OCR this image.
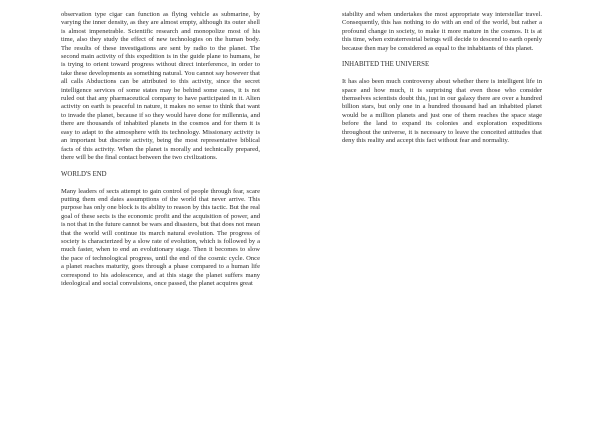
observation type cigar can function as flying vehicle as submarine, by varying the inner density, as they are almost empty, although its outer shell is almost impenetrable. Scientific research and monopolize most of his time, also they study the effect of new technologies on the human body. The results of these investigations are sent by radio to the planet. The second main activity of this expedition is in the guide plane to humans, he is trying to orient toward progress without direct interference, in order to take these developments as something natural. You cannot say however that all calls Abductions can be attributed to this activity, since the secret intelligence services of some states may be behind some cases, it is not ruled out that any pharmaceutical company to have participated in it. Alien activity on earth is peaceful in nature, it makes no sense to think that want to invade the planet, because if so they would have done for millennia, and there are thousands of inhabited planets in the cosmos and for them it is easy to adapt to the atmosphere with its technology. Missionary activity is an important but discrete activity, being the most representative biblical facts of this activity. When the planet is morally and technically prepared, there will be the final contact between the two civilizations.

WORLD'S END

Many leaders of sects attempt to gain control of people through fear, scare putting them end dates assumptions of the world that never arrive. This purpose has only one block is its ability to reason by this tactic. But the real goal of these sects is the economic profit and the acquisition of power, and is not that in the future cannot be wars and disasters, but that does not mean that the world will continue its march natural evolution. The progress of society is characterized by a slow rate of evolution, which is followed by a much faster, when to end an evolutionary stage. Then it becomes to slow the pace of technological progress, until the end of the cosmic cycle. Once a planet reaches maturity, goes through a phase compared to a human life correspond to his adolescence, and at this stage the planet suffers many ideological and social convulsions, once passed, the planet acquires great

stability and when undertakes the most appropriate way interstellar travel. Consequently, this has nothing to do with an end of the world, but rather a profound change in society, to make it more mature in the cosmos. It is at this time, when extraterrestrial beings will decide to descend to earth openly because then may be considered as equal to the inhabitants of this planet.

INHABITED THE UNIVERSE

It has also been much controversy about whether there is intelligent life in space and how much, it is surprising that even those who consider themselves scientists doubt this, just in our galaxy there are over a hundred billion stars, but only one in a hundred thousand had an inhabited planet would be a million planets and just one of them reaches the space stage before the land to expand its colonies and exploration expeditions throughout the universe, it is necessary to leave the conceited attitudes that deny this reality and accept this fact without fear and normality.
